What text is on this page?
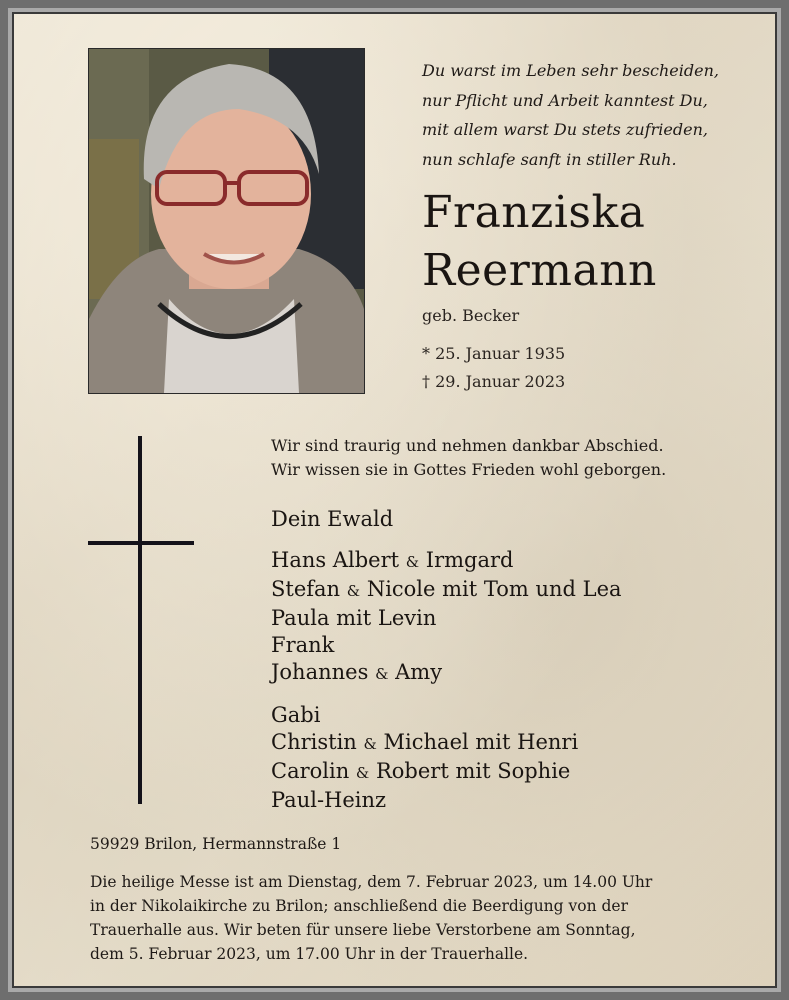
Du warst im Leben sehr bescheiden,
nur Pflicht und Arbeit kanntest Du,
mit allem warst Du stets zufrieden,
nun schlafe sanft in stiller Ruh.
Franziska
Reermann
geb. Becker
* 25. Januar 1935
† 29. Januar 2023
Wir sind traurig und nehmen dankbar Abschied.
Wir wissen sie in Gottes Frieden wohl geborgen.
Dein Ewald
Hans Albert & Irmgard
Stefan & Nicole mit Tom und Lea
Paula mit Levin
Frank
Johannes & Amy
Gabi
Christin & Michael mit Henri
Carolin & Robert mit Sophie
Paul-Heinz
59929 Brilon, Hermannstraße 1
Die heilige Messe ist am Dienstag, dem 7. Februar 2023, um 14.00 Uhr
in der Nikolaikirche zu Brilon; anschließend die Beerdigung von der
Trauerhalle aus. Wir beten für unsere liebe Verstorbene am Sonntag,
dem 5. Februar 2023, um 17.00 Uhr in der Trauerhalle.
